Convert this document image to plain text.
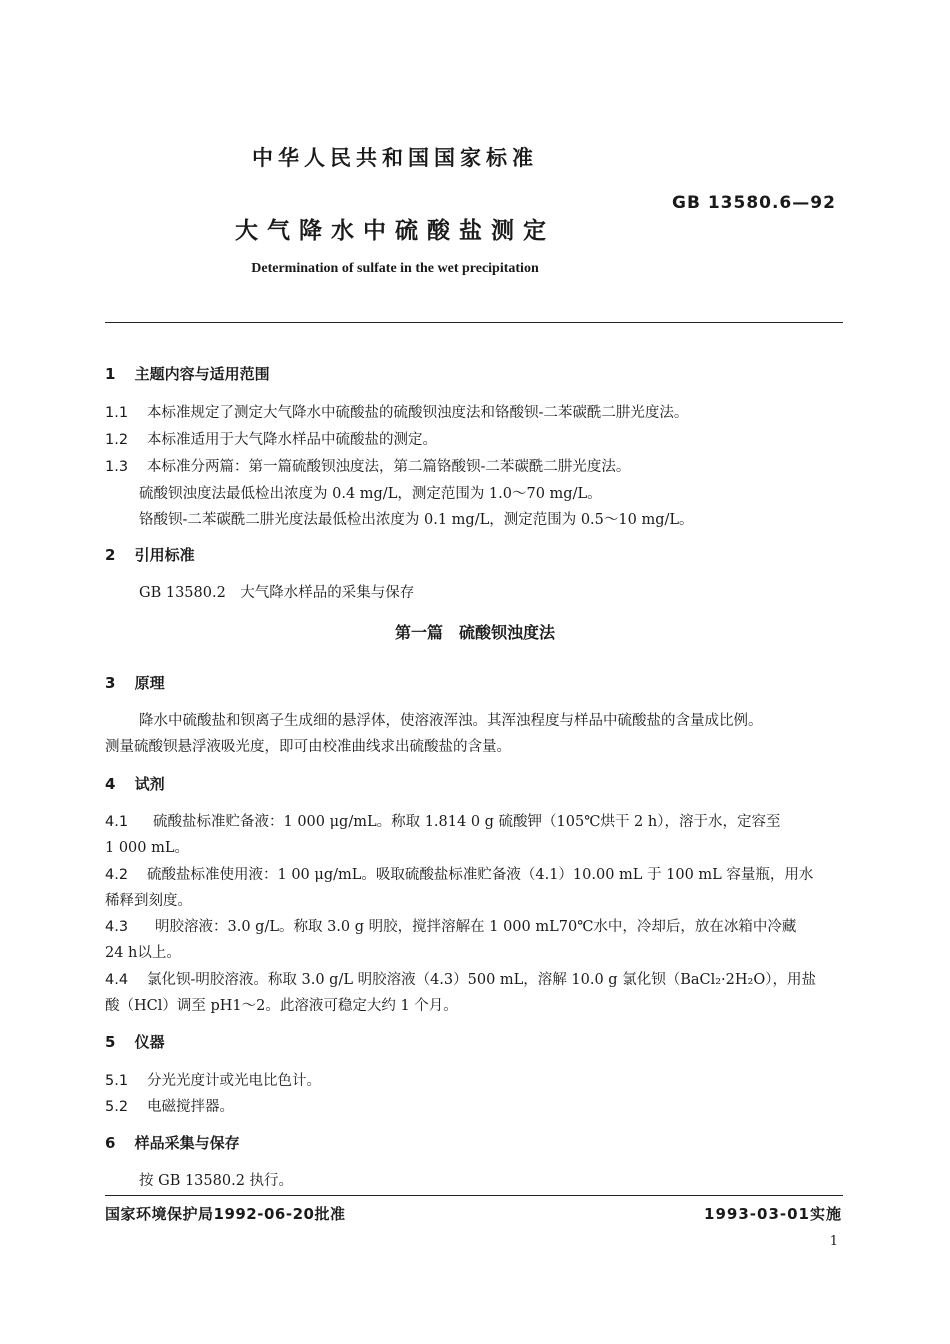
中华人民共和国国家标准
GB 13580.6—92
大气降水中硫酸盐测定
Determination of sulfate in the wet precipitation
1 主题内容与适用范围
1.1 本标准规定了测定大气降水中硫酸盐的硫酸钡浊度法和铬酸钡-二苯碳酰二肼光度法。
1.2 本标准适用于大气降水样品中硫酸盐的测定。
1.3 本标准分两篇：第一篇硫酸钡浊度法，第二篇铬酸钡-二苯碳酰二肼光度法。
硫酸钡浊度法最低检出浓度为 0.4 mg/L，测定范围为 1.0～70 mg/L。
铬酸钡-二苯碳酰二肼光度法最低检出浓度为 0.1 mg/L，测定范围为 0.5～10 mg/L。
2 引用标准
GB 13580.2　大气降水样品的采集与保存
第一篇　硫酸钡浊度法
3 原理
降水中硫酸盐和钡离子生成细的悬浮体，使溶液浑浊。其浑浊程度与样品中硫酸盐的含量成比例。
测量硫酸钡悬浮液吸光度，即可由校准曲线求出硫酸盐的含量。
4 试剂
4.1 硫酸盐标准贮备液：1 000 μg/mL。称取 1.814 0 g 硫酸钾（105℃烘干 2 h），溶于水，定容至
1 000 mL。
4.2 硫酸盐标准使用液：1 00 μg/mL。吸取硫酸盐标准贮备液（4.1）10.00 mL 于 100 mL 容量瓶，用水
稀释到刻度。
4.3 明胶溶液：3.0 g/L。称取 3.0 g 明胶，搅拌溶解在 1 000 mL70℃水中，冷却后，放在冰箱中冷藏
24 h以上。
4.4 氯化钡-明胶溶液。称取 3.0 g/L 明胶溶液（4.3）500 mL，溶解 10.0 g 氯化钡（BaCl₂·2H₂O），用盐
酸（HCl）调至 pH1～2。此溶液可稳定大约 1 个月。
5 仪器
5.1 分光光度计或光电比色计。
5.2 电磁搅拌器。
6 样品采集与保存
按 GB 13580.2 执行。
国家环境保护局1992-06-20批准	1993-03-01实施
1
